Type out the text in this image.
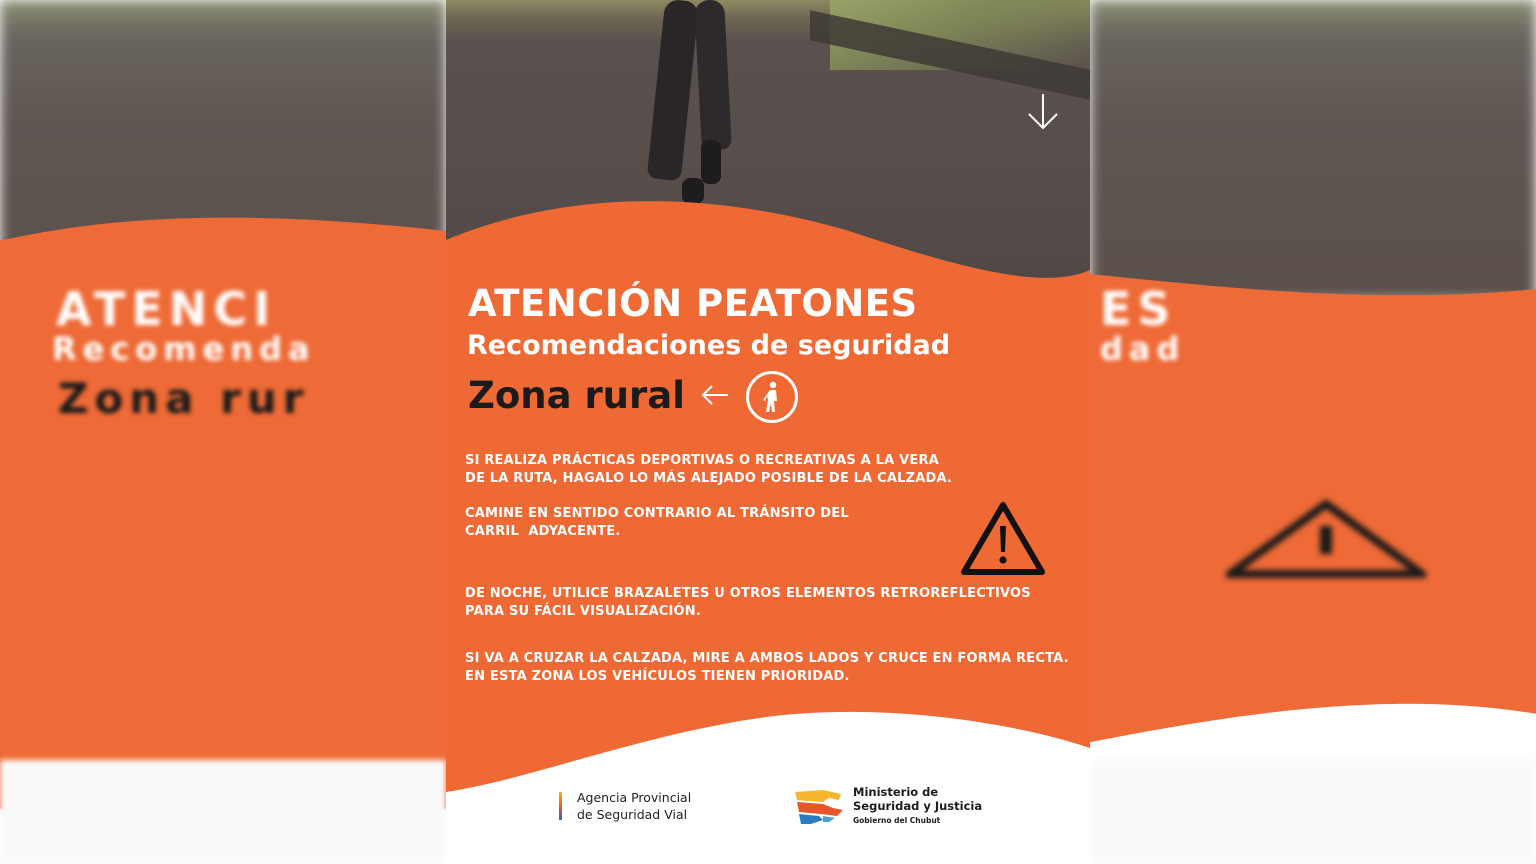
ATENCI
Recomenda
Zona rur
ES
dad
ATENCIÓN PEATONES
Recomendaciones de seguridad
Zona rural

SI REALIZA PRÁCTICAS DEPORTIVAS O RECREATIVAS A LA VERA
DE LA RUTA, HAGALO LO MÁS ALEJADO POSIBLE DE LA CALZADA.

CAMINE EN SENTIDO CONTRARIO AL TRÁNSITO DEL
CARRIL  ADYACENTE.

DE NOCHE, UTILICE BRAZALETES U OTROS ELEMENTOS RETROREFLECTIVOS
PARA SU FÁCIL VISUALIZACIÓN.

SI VA A CRUZAR LA CALZADA, MIRE A AMBOS LADOS Y CRUCE EN FORMA RECTA.
EN ESTA ZONA LOS VEHÍCULOS TIENEN PRIORIDAD.

Agencia Provincial
de Seguridad Vial

Ministerio de
Seguridad y Justicia

Gobierno del Chubut
